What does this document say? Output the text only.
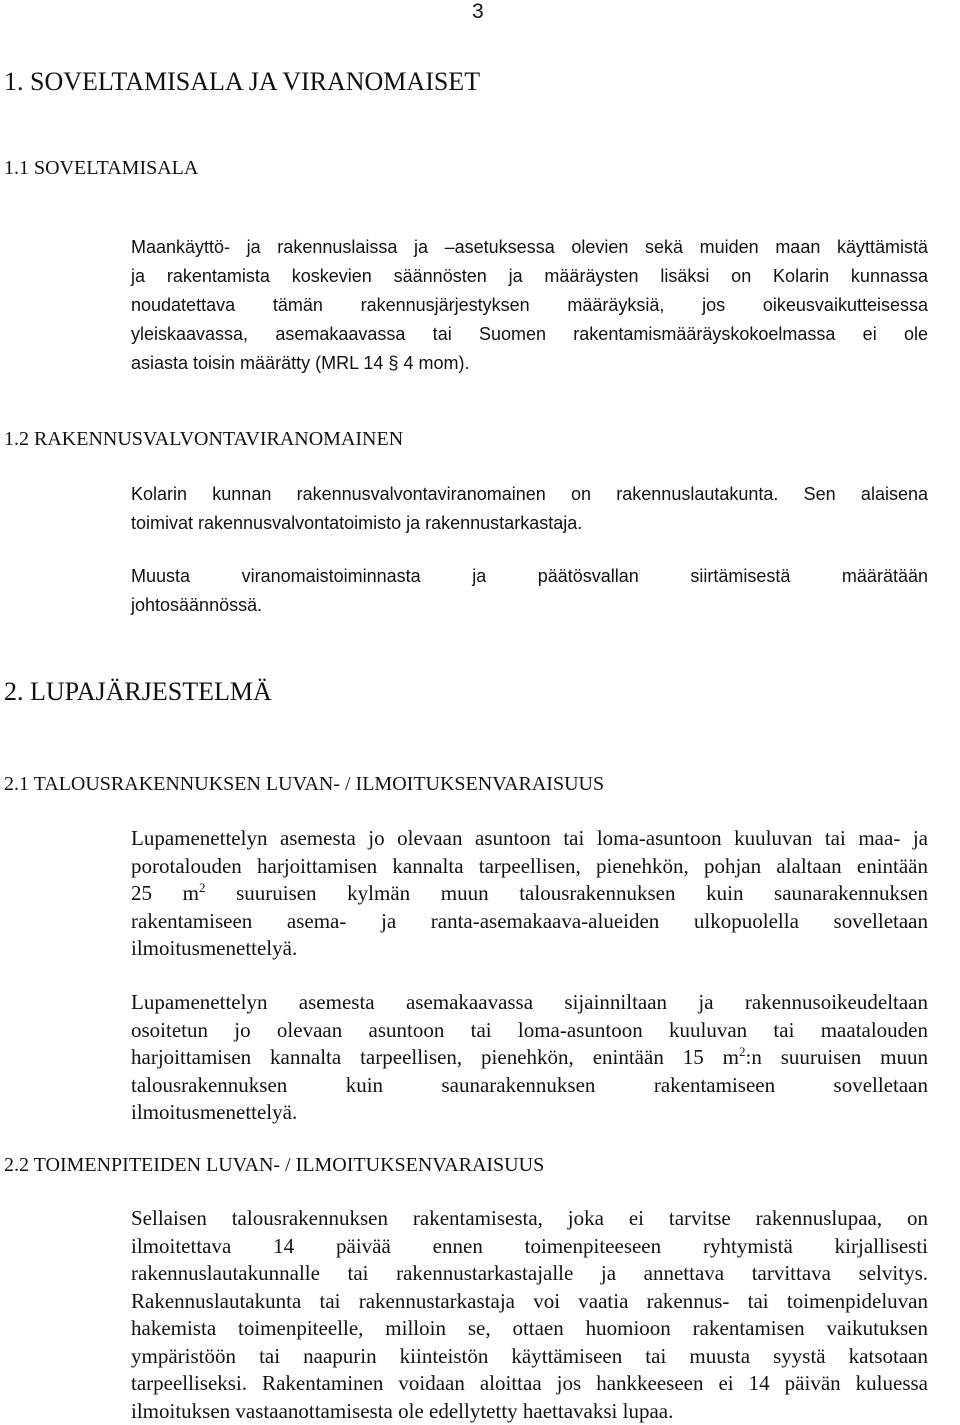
3
1. SOVELTAMISALA JA VIRANOMAISET
1.1 SOVELTAMISALA
Maankäyttö- ja rakennuslaissa ja –asetuksessa olevien sekä muiden maan käyttämistä
ja rakentamista koskevien säännösten ja määräysten lisäksi on Kolarin kunnassa
noudatettava tämän rakennusjärjestyksen määräyksiä, jos oikeusvaikutteisessa
yleiskaavassa, asemakaavassa tai Suomen rakentamismääräyskokoelmassa ei ole
asiasta toisin määrätty (MRL 14 § 4 mom).
1.2 RAKENNUSVALVONTAVIRANOMAINEN
Kolarin kunnan rakennusvalvontaviranomainen on rakennuslautakunta. Sen alaisena
toimivat rakennusvalvontatoimisto ja rakennustarkastaja.
Muusta viranomaistoiminnasta ja päätösvallan siirtämisestä määrätään
johtosäännössä.
2. LUPAJÄRJESTELMÄ
2.1 TALOUSRAKENNUKSEN LUVAN- / ILMOITUKSENVARAISUUS
Lupamenettelyn asemesta jo olevaan asuntoon tai loma-asuntoon kuuluvan tai maa- ja
porotalouden harjoittamisen kannalta tarpeellisen, pienehkön, pohjan alaltaan enintään
25 $m^2$ suuruisen kylmän muun talousrakennuksen kuin saunarakennuksen
rakentamiseen asema- ja ranta-asemakaava-alueiden ulkopuolella sovelletaan
ilmoitusmenettelyä.
Lupamenettelyn asemesta asemakaavassa sijainniltaan ja rakennusoikeudeltaan
osoitetun jo olevaan asuntoon tai loma-asuntoon kuuluvan tai maatalouden
harjoittamisen kannalta tarpeellisen, pienehkön, enintään 15 $m^2:n$ suuruisen muun
talousrakennuksen kuin saunarakennuksen rakentamiseen sovelletaan
ilmoitusmenettelyä.
2.2 TOIMENPITEIDEN LUVAN- / ILMOITUKSENVARAISUUS
Sellaisen talousrakennuksen rakentamisesta, joka ei tarvitse rakennuslupaa, on
ilmoitettava 14 päivää ennen toimenpiteeseen ryhtymistä kirjallisesti
rakennuslautakunnalle tai rakennustarkastajalle ja annettava tarvittava selvitys.
Rakennuslautakunta tai rakennustarkastaja voi vaatia rakennus- tai toimenpideluvan
hakemista toimenpiteelle, milloin se, ottaen huomioon rakentamisen vaikutuksen
ympäristöön tai naapurin kiinteistön käyttämiseen tai muusta syystä katsotaan
tarpeelliseksi. Rakentaminen voidaan aloittaa jos hankkeeseen ei 14 päivän kuluessa
ilmoituksen vastaanottamisesta ole edellytetty haettavaksi lupaa.
